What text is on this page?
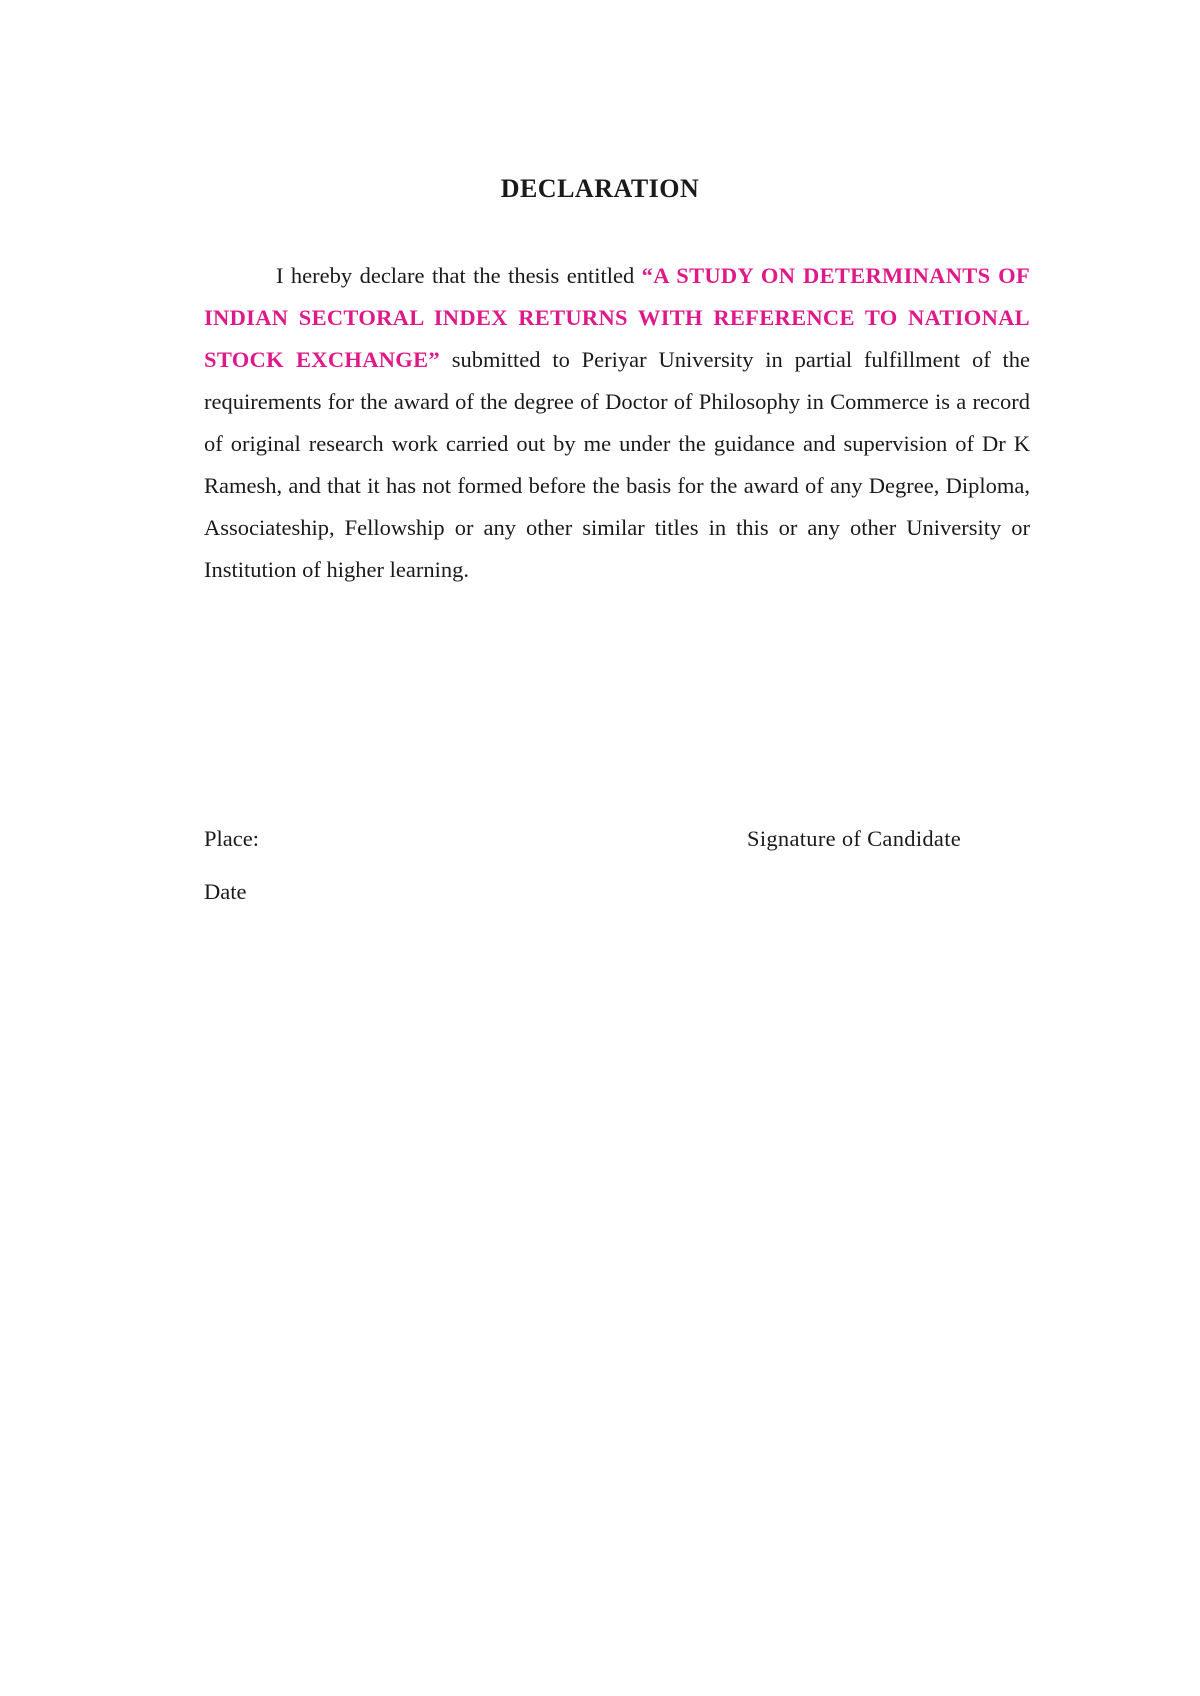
DECLARATION

I hereby declare that the thesis entitled “A STUDY ON DETERMINANTS OF INDIAN SECTORAL INDEX RETURNS WITH REFERENCE TO NATIONAL STOCK EXCHANGE” submitted to Periyar University in partial fulfillment of the requirements for the award of the degree of Doctor of Philosophy in Commerce is a record of original research work carried out by me under the guidance and supervision of Dr K Ramesh, and that it has not formed before the basis for the award of any Degree, Diploma, Associateship, Fellowship or any other similar titles in this or any other University or Institution of higher learning.

Place:	Signature of Candidate
Date
